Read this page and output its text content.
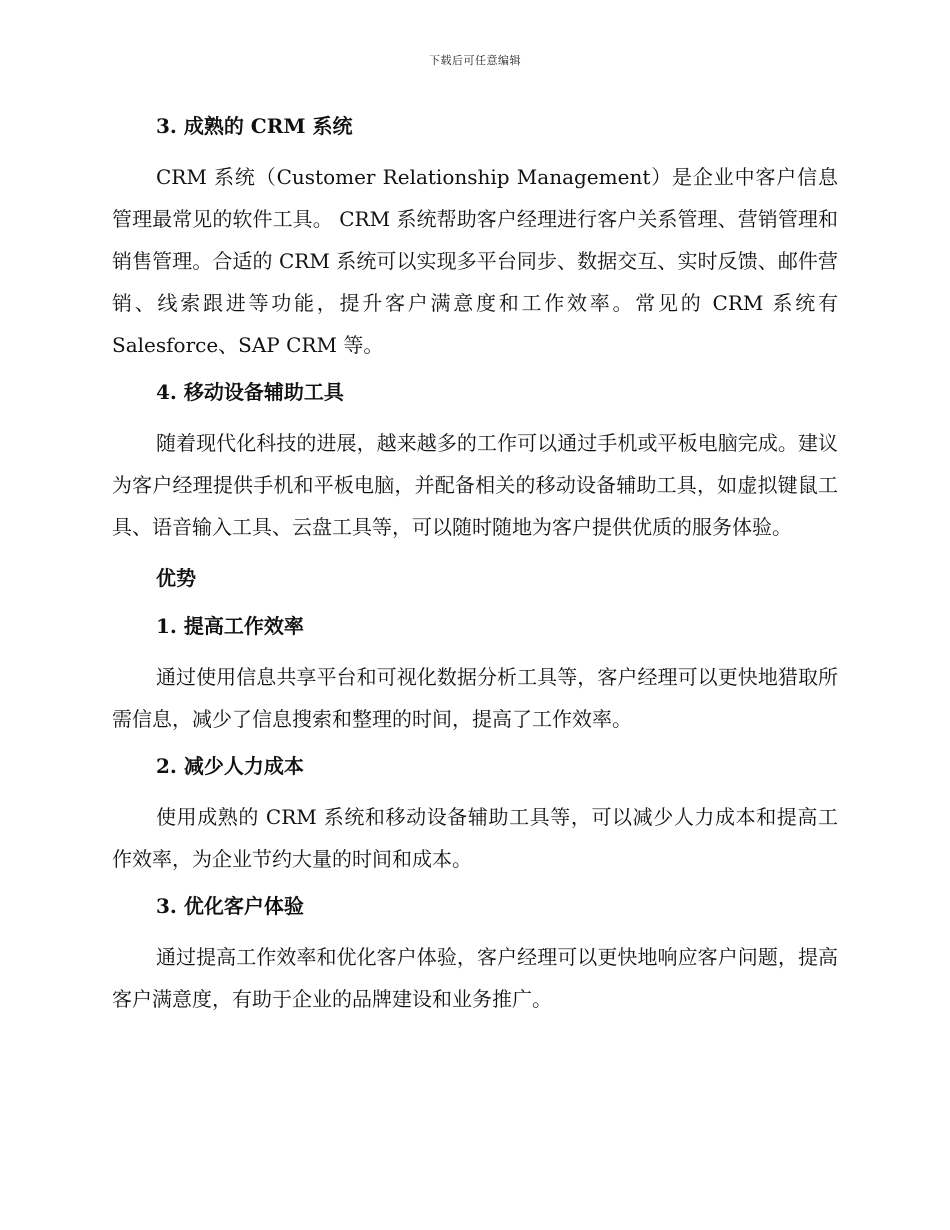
下载后可任意编辑
3. 成熟的 CRM 系统

CRM 系统（Customer Relationship Management）是企业中客户信息管理最常见的软件工具。 CRM 系统帮助客户经理进行客户关系管理、营销管理和销售管理。合适的 CRM 系统可以实现多平台同步、数据交互、实时反馈、邮件营销、线索跟进等功能，提升客户满意度和工作效率。常见的 CRM 系统有 Salesforce、SAP CRM 等。

4. 移动设备辅助工具

随着现代化科技的进展，越来越多的工作可以通过手机或平板电脑完成。建议为客户经理提供手机和平板电脑，并配备相关的移动设备辅助工具，如虚拟键鼠工具、语音输入工具、云盘工具等，可以随时随地为客户提供优质的服务体验。

优势
1. 提高工作效率

通过使用信息共享平台和可视化数据分析工具等，客户经理可以更快地猎取所需信息，减少了信息搜索和整理的时间，提高了工作效率。

2. 减少人力成本

使用成熟的 CRM 系统和移动设备辅助工具等，可以减少人力成本和提高工作效率，为企业节约大量的时间和成本。

3. 优化客户体验

通过提高工作效率和优化客户体验，客户经理可以更快地响应客户问题，提高客户满意度，有助于企业的品牌建设和业务推广。
